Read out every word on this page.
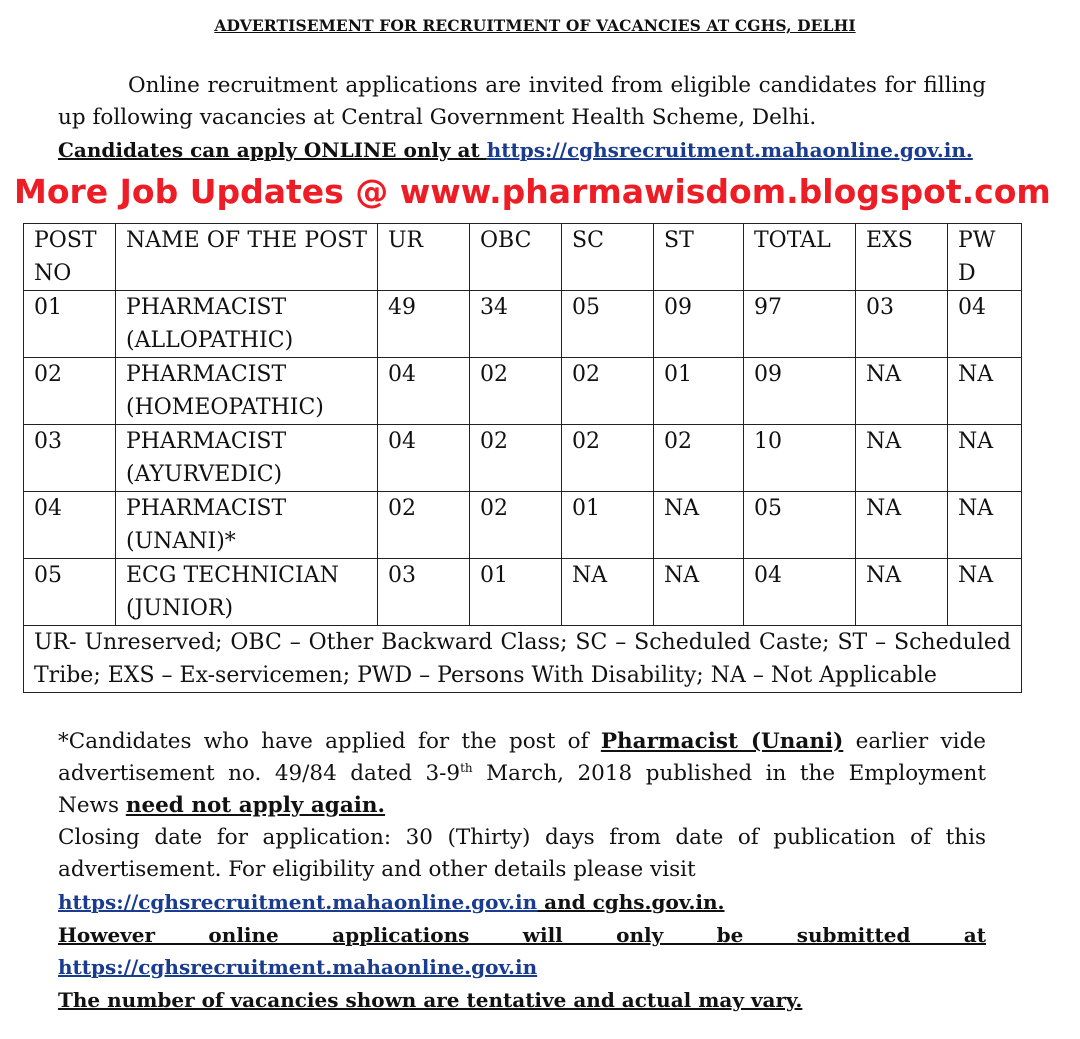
ADVERTISEMENT FOR RECRUITMENT OF VACANCIES AT CGHS, DELHI
Online recruitment applications are invited from eligible candidates for filling up following vacancies at Central Government Health Scheme, Delhi.
Candidates can apply ONLINE only at https://cghsrecruitment.mahaonline.gov.in.
More Job Updates @ www.pharmawisdom.blogspot.com
POST NO	NAME OF THE POST	UR	OBC	SC	ST	TOTAL	EXS	PW D
01	PHARMACIST (ALLOPATHIC)	49	34	05	09	97	03	04
02	PHARMACIST (HOMEOPATHIC)	04	02	02	01	09	NA	NA
03	PHARMACIST (AYURVEDIC)	04	02	02	02	10	NA	NA
04	PHARMACIST (UNANI)*	02	02	01	NA	05	NA	NA
05	ECG TECHNICIAN (JUNIOR)	03	01	NA	NA	04	NA	NA
UR- Unreserved; OBC – Other Backward Class; SC – Scheduled Caste; ST – Scheduled Tribe; EXS – Ex-servicemen; PWD – Persons With Disability; NA – Not Applicable								

*Candidates who have applied for the post of Pharmacist (Unani) earlier vide advertisement no. 49/84 dated 3-9th March, 2018 published in the Employment News need not apply again.

Closing date for application: 30 (Thirty) days from date of publication of this advertisement. For eligibility and other details please visit

https://cghsrecruitment.mahaonline.gov.in and cghs.gov.in.

However online applications will only be submitted at

https://cghsrecruitment.mahaonline.gov.in

The number of vacancies shown are tentative and actual may vary.
